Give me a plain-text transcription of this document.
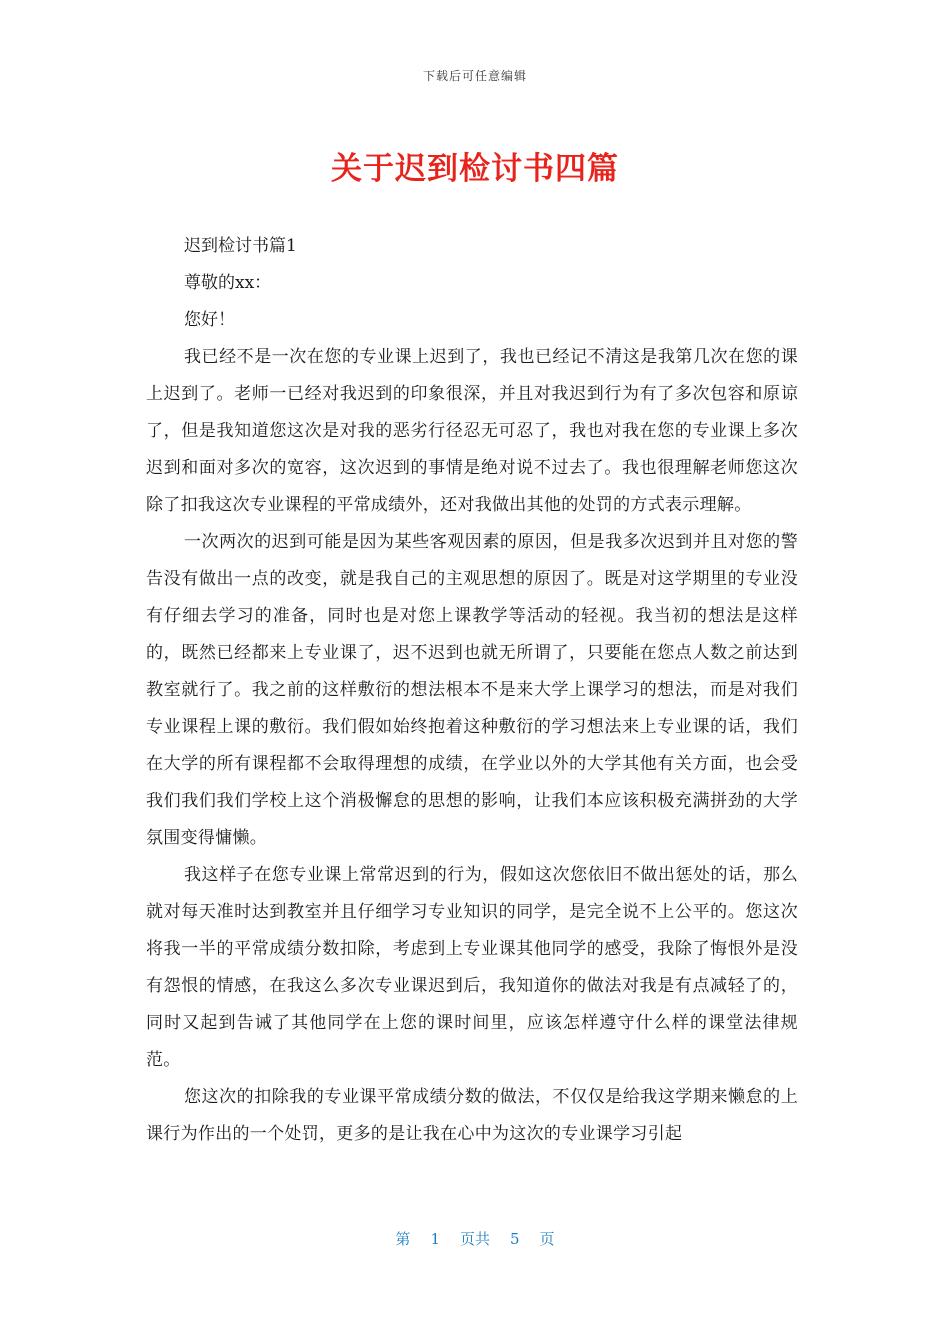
下载后可任意编辑
关于迟到检讨书四篇
迟到检讨书篇1
尊敬的xx：
您好！

我已经不是一次在您的专业课上迟到了，我也已经记不清这是我第几次在您的课上迟到了。老师一已经对我迟到的印象很深，并且对我迟到行为有了多次包容和原谅了，但是我知道您这次是对我的恶劣行径忍无可忍了，我也对我在您的专业课上多次迟到和面对多次的宽容，这次迟到的事情是绝对说不过去了。我也很理解老师您这次除了扣我这次专业课程的平常成绩外，还对我做出其他的处罚的方式表示理解。

一次两次的迟到可能是因为某些客观因素的原因，但是我多次迟到并且对您的警告没有做出一点的改变，就是我自己的主观思想的原因了。既是对这学期里的专业没有仔细去学习的准备，同时也是对您上课教学等活动的轻视。我当初的想法是这样的，既然已经都来上专业课了，迟不迟到也就无所谓了，只要能在您点人数之前达到教室就行了。我之前的这样敷衍的想法根本不是来大学上课学习的想法，而是对我们专业课程上课的敷衍。我们假如始终抱着这种敷衍的学习想法来上专业课的话，我们在大学的所有课程都不会取得理想的成绩，在学业以外的大学其他有关方面，也会受我们我们我们学校上这个消极懈怠的思想的影响，让我们本应该积极充满拼劲的大学氛围变得慵懒。

我这样子在您专业课上常常迟到的行为，假如这次您依旧不做出惩处的话，那么就对每天准时达到教室并且仔细学习专业知识的同学，是完全说不上公平的。您这次将我一半的平常成绩分数扣除，考虑到上专业课其他同学的感受，我除了悔恨外是没有怨恨的情感，在我这么多次专业课迟到后，我知道你的做法对我是有点减轻了的，同时又起到告诫了其他同学在上您的课时间里，应该怎样遵守什么样的课堂法律规范。

您这次的扣除我的专业课平常成绩分数的做法，不仅仅是给我这学期来懒怠的上课行为作出的一个处罚，更多的是让我在心中为这次的专业课学习引起

第 1 页共 5 页
